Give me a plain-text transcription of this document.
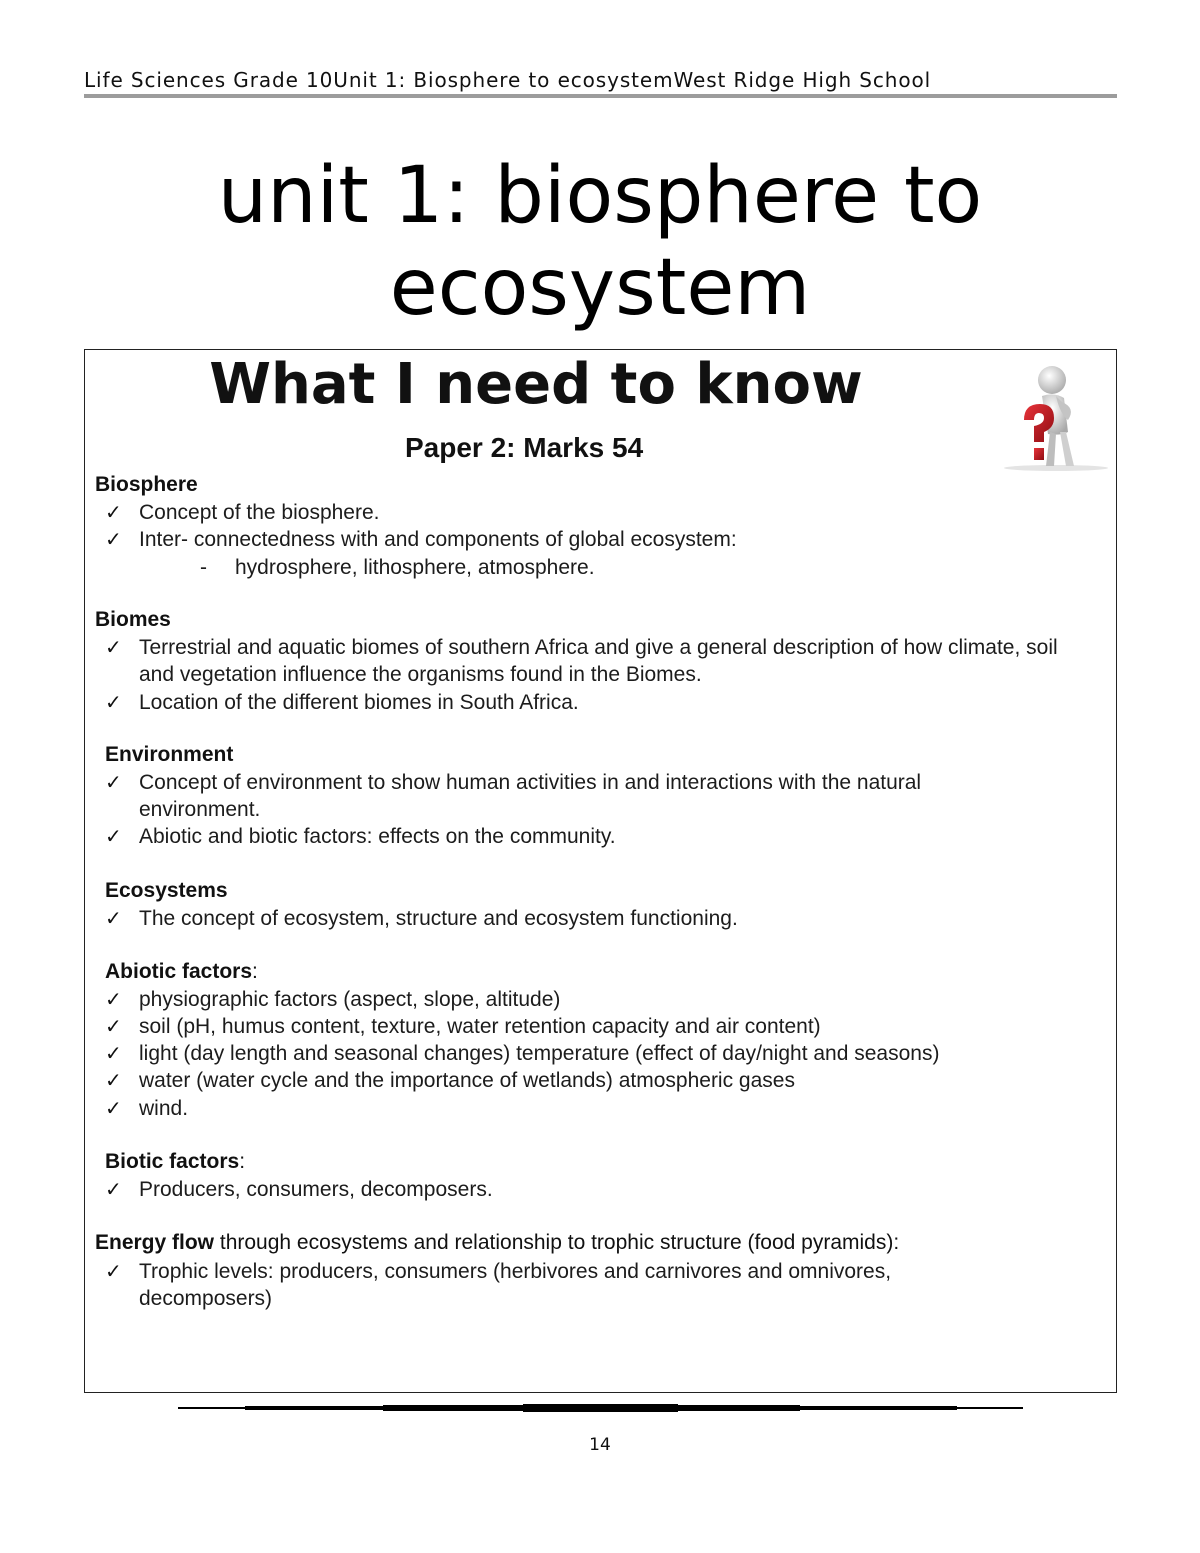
Life Sciences Grade 10Unit 1: Biosphere to ecosystemWest Ridge High School
unit 1: biosphere to
ecosystem
What I need to know
Paper 2: Marks 54
Biosphere
✓ Concept of the biosphere.
✓ Inter- connectedness with and components of global ecosystem:
- hydrosphere, lithosphere, atmosphere.
Biomes
✓ Terrestrial and aquatic biomes of southern Africa and give a general description of how climate, soil and vegetation influence the organisms found in the Biomes.
✓ Location of the different biomes in South Africa.
Environment
✓ Concept of environment to show human activities in and interactions with the natural environment.
✓ Abiotic and biotic factors: effects on the community.
Ecosystems
✓ The concept of ecosystem, structure and ecosystem functioning.
Abiotic factors:
✓ physiographic factors (aspect, slope, altitude)
✓ soil (pH, humus content, texture, water retention capacity and air content)
✓ light (day length and seasonal changes) temperature (effect of day/night and seasons)
✓ water (water cycle and the importance of wetlands) atmospheric gases
✓ wind.
Biotic factors:
✓ Producers, consumers, decomposers.
Energy flow through ecosystems and relationship to trophic structure (food pyramids):
✓ Trophic levels: producers, consumers (herbivores and carnivores and omnivores, decomposers)
14
